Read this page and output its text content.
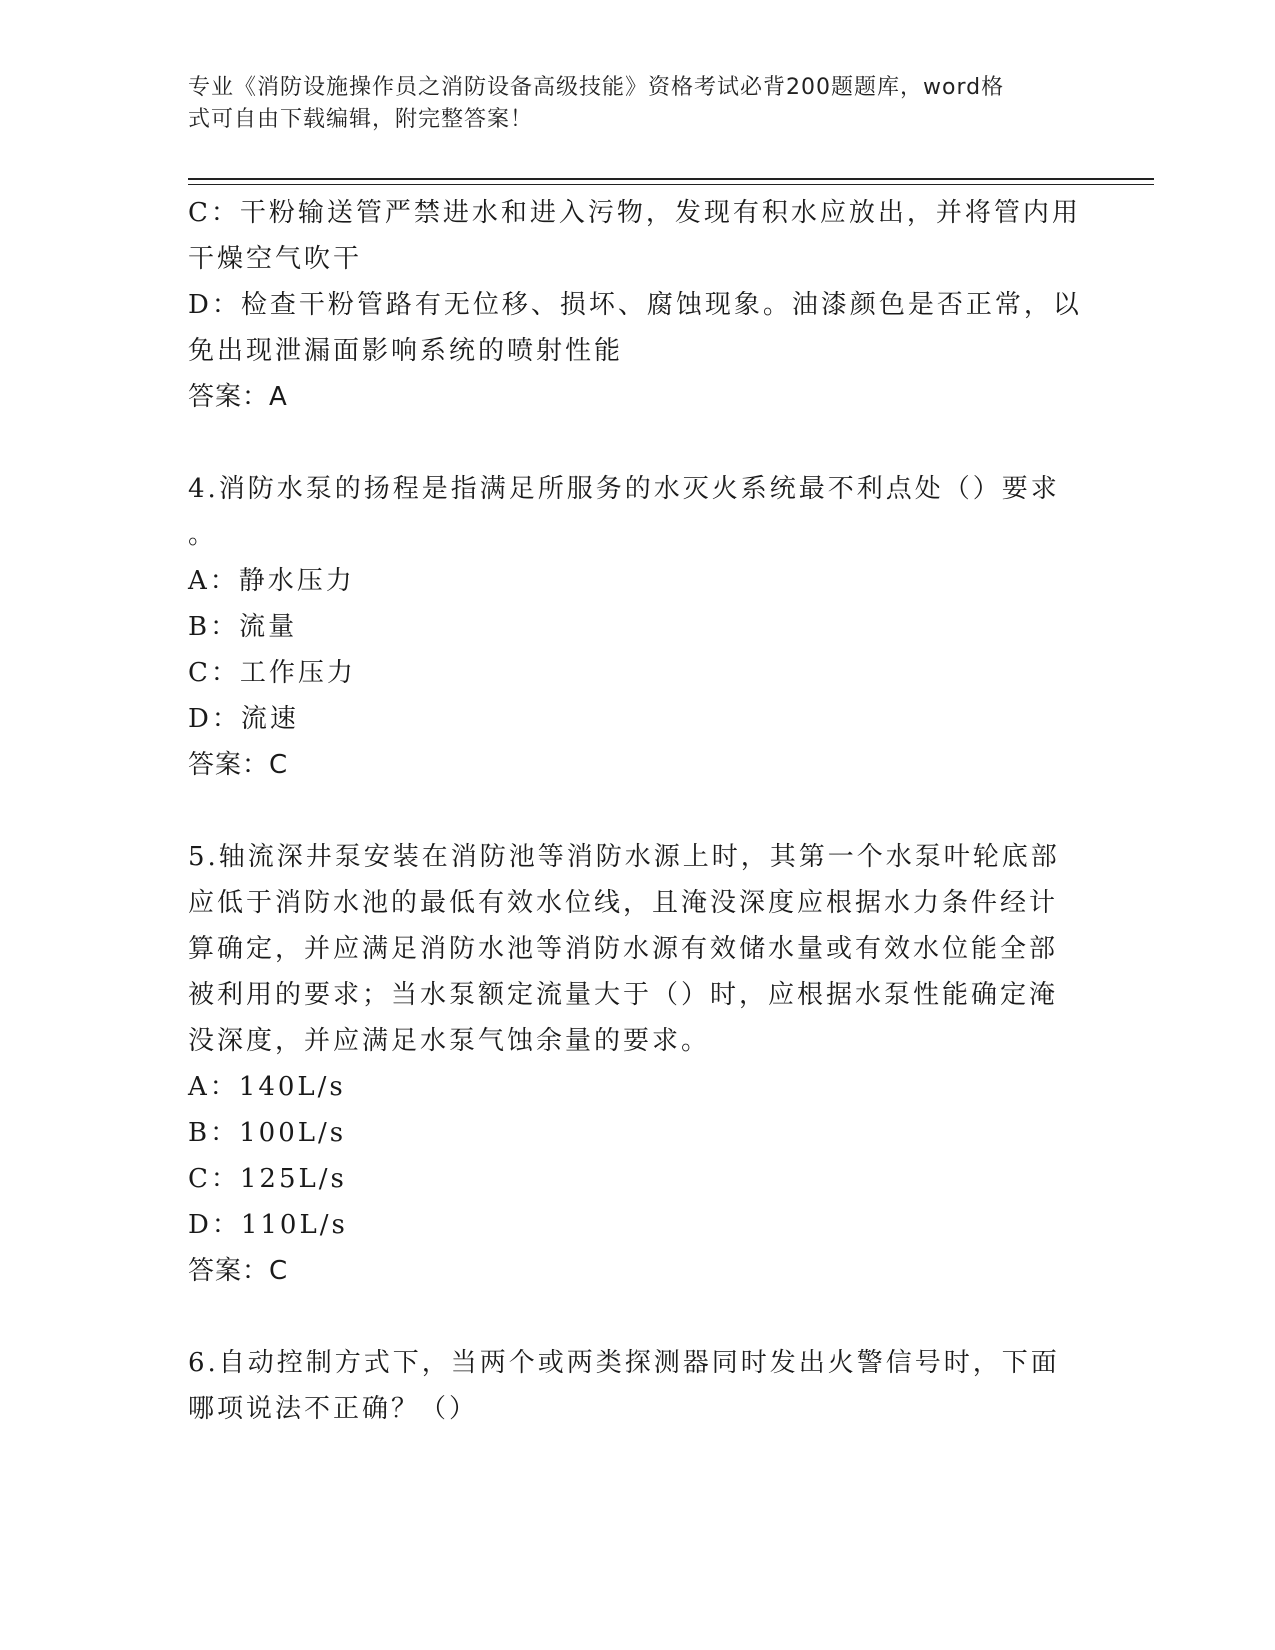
专业《消防设施操作员之消防设备高级技能》资格考试必背200题题库，word格
式可自由下载编辑，附完整答案！
C：干粉输送管严禁进水和进入污物，发现有积水应放出，并将管内用
干燥空气吹干
D：检查干粉管路有无位移、损坏、腐蚀现象。油漆颜色是否正常，以
免出现泄漏面影响系统的喷射性能
答案：A
4.消防水泵的扬程是指满足所服务的水灭火系统最不利点处（）要求
。
A：静水压力
B：流量
C：工作压力
D：流速
答案：C
5.轴流深井泵安装在消防池等消防水源上时，其第一个水泵叶轮底部
应低于消防水池的最低有效水位线，且淹没深度应根据水力条件经计
算确定，并应满足消防水池等消防水源有效储水量或有效水位能全部
被利用的要求；当水泵额定流量大于（）时，应根据水泵性能确定淹
没深度，并应满足水泵气蚀余量的要求。
A：140L/s
B：100L/s
C：125L/s
D：110L/s
答案：C
6.自动控制方式下，当两个或两类探测器同时发出火警信号时，下面
哪项说法不正确？（）
